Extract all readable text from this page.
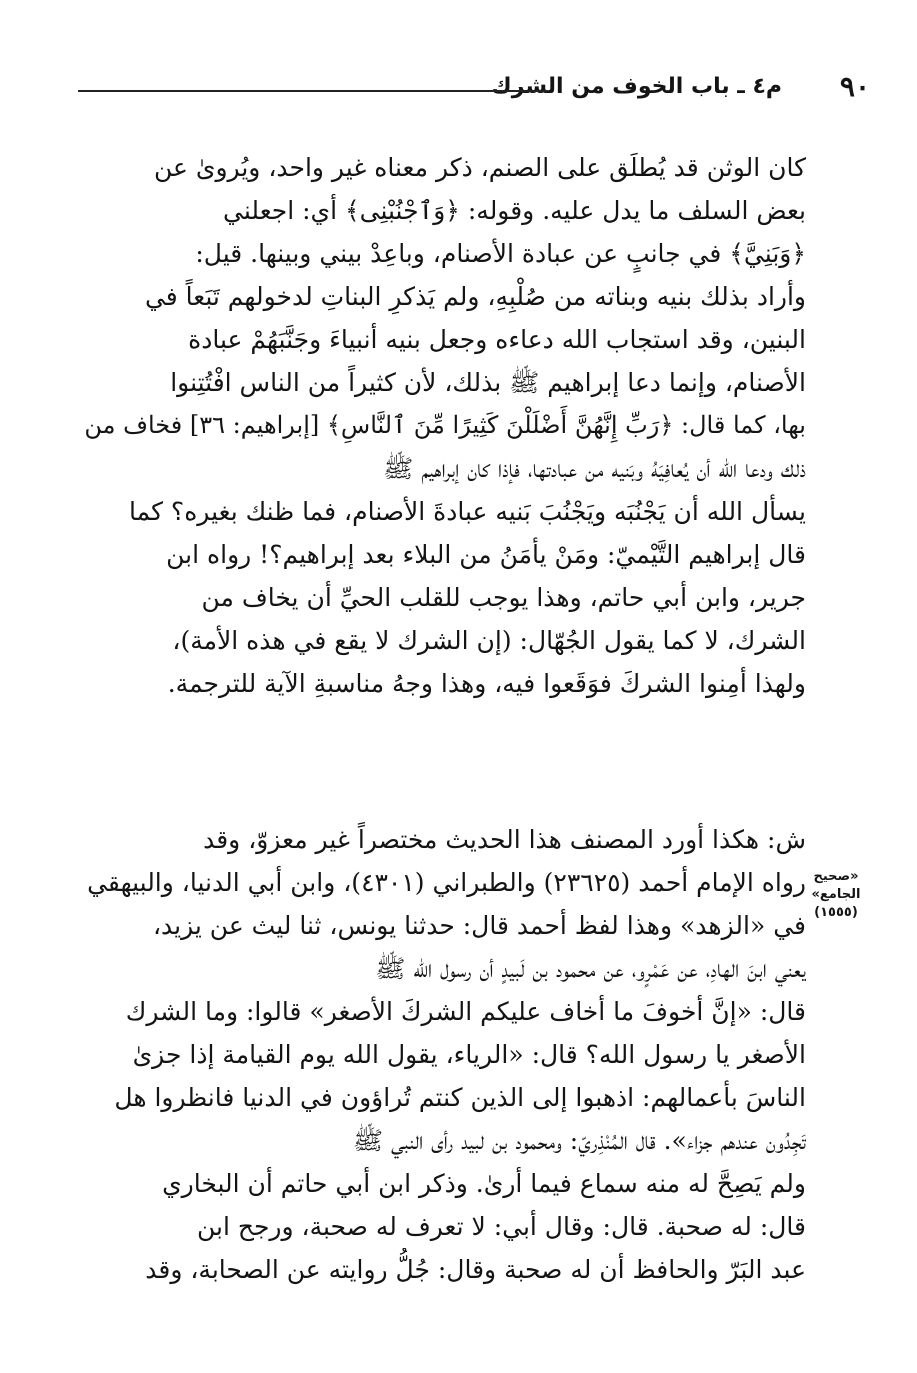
٩٠
م٤ ـ باب الخوف من الشرك
كان الوثن قد يُطلَق على الصنم، ذكر معناه غير واحد، ويُروىٰ عن
بعض السلف ما يدل عليه. وقوله: ﴿وَٱجْنُبْنِى﴾ أي: اجعلني
﴿وَبَنِيَّ﴾ في جانبٍ عن عبادة الأصنام، وباعِدْ بيني وبينها. قيل:
وأراد بذلك بنيه وبناته من صُلْبِهِ، ولم يَذكرِ البناتِ لدخولهم تَبَعاً في
البنين، وقد استجاب الله دعاءه وجعل بنيه أنبياءَ وجَنَّبَهُمْ عبادة
الأصنام، وإنما دعا إبراهيم ﷺ بذلك، لأن كثيراً من الناس افْتُتِنوا
بها، كما قال: ﴿رَبِّ إِنَّهُنَّ أَضْلَلْنَ كَثِيرًا مِّنَ ٱلنَّاسِ﴾ [إبراهيم: ٣٦] فخاف من
ذلك ودعا الله أن يُعافِيَهُ وبَنيه من عبادتها، فإذا كان إبراهيم ﷺ
يسأل الله أن يَجْنُبَه ويَجْنُبَ بَنيه عبادةَ الأصنام، فما ظنك بغيره؟ كما
قال إبراهيم التَّيْميّ: ومَنْ يأمَنُ من البلاء بعد إبراهيم؟! رواه ابن
جرير، وابن أبي حاتم، وهذا يوجب للقلب الحيِّ أن يخاف من
الشرك، لا كما يقول الجُهّال: (إن الشرك لا يقع في هذه الأمة)،
ولهذا أمِنوا الشركَ فوَقَعوا فيه، وهذا وجهُ مناسبةِ الآية للترجمة.
«صحيح
الجامع»
(١٥٥٥)
ش: هكذا أورد المصنف هذا الحديث مختصراً غير معزوّ، وقد
رواه الإمام أحمد (٢٣٦٢٥) والطبراني (٤٣٠١)، وابن أبي الدنيا، والبيهقي
في «الزهد» وهذا لفظ أحمد قال: حدثنا يونس، ثنا ليث عن يزيد،
يعني ابنَ الهادِ، عن عَمْرٍو، عن محمود بن لَبيدٍ أن رسول الله ﷺ
قال: «إنَّ أخوفَ ما أخاف عليكم الشركَ الأصغر» قالوا: وما الشرك
الأصغر يا رسول الله؟ قال: «الرياء، يقول الله يوم القيامة إذا جزىٰ
الناسَ بأعمالهم: اذهبوا إلى الذين كنتم تُراؤون في الدنيا فانظروا هل
تَجِدُون عندهم جزاء». قال المُنْذِريّ: ومحمود بن لبيد رأى النبي ﷺ
ولم يَصِحَّ له منه سماع فيما أرىٰ. وذكر ابن أبي حاتم أن البخاري
قال: له صحبة. قال: وقال أبي: لا تعرف له صحبة، ورجح ابن
عبد البَرّ والحافظ أن له صحبة وقال: جُلُّ روايته عن الصحابة، وقد
